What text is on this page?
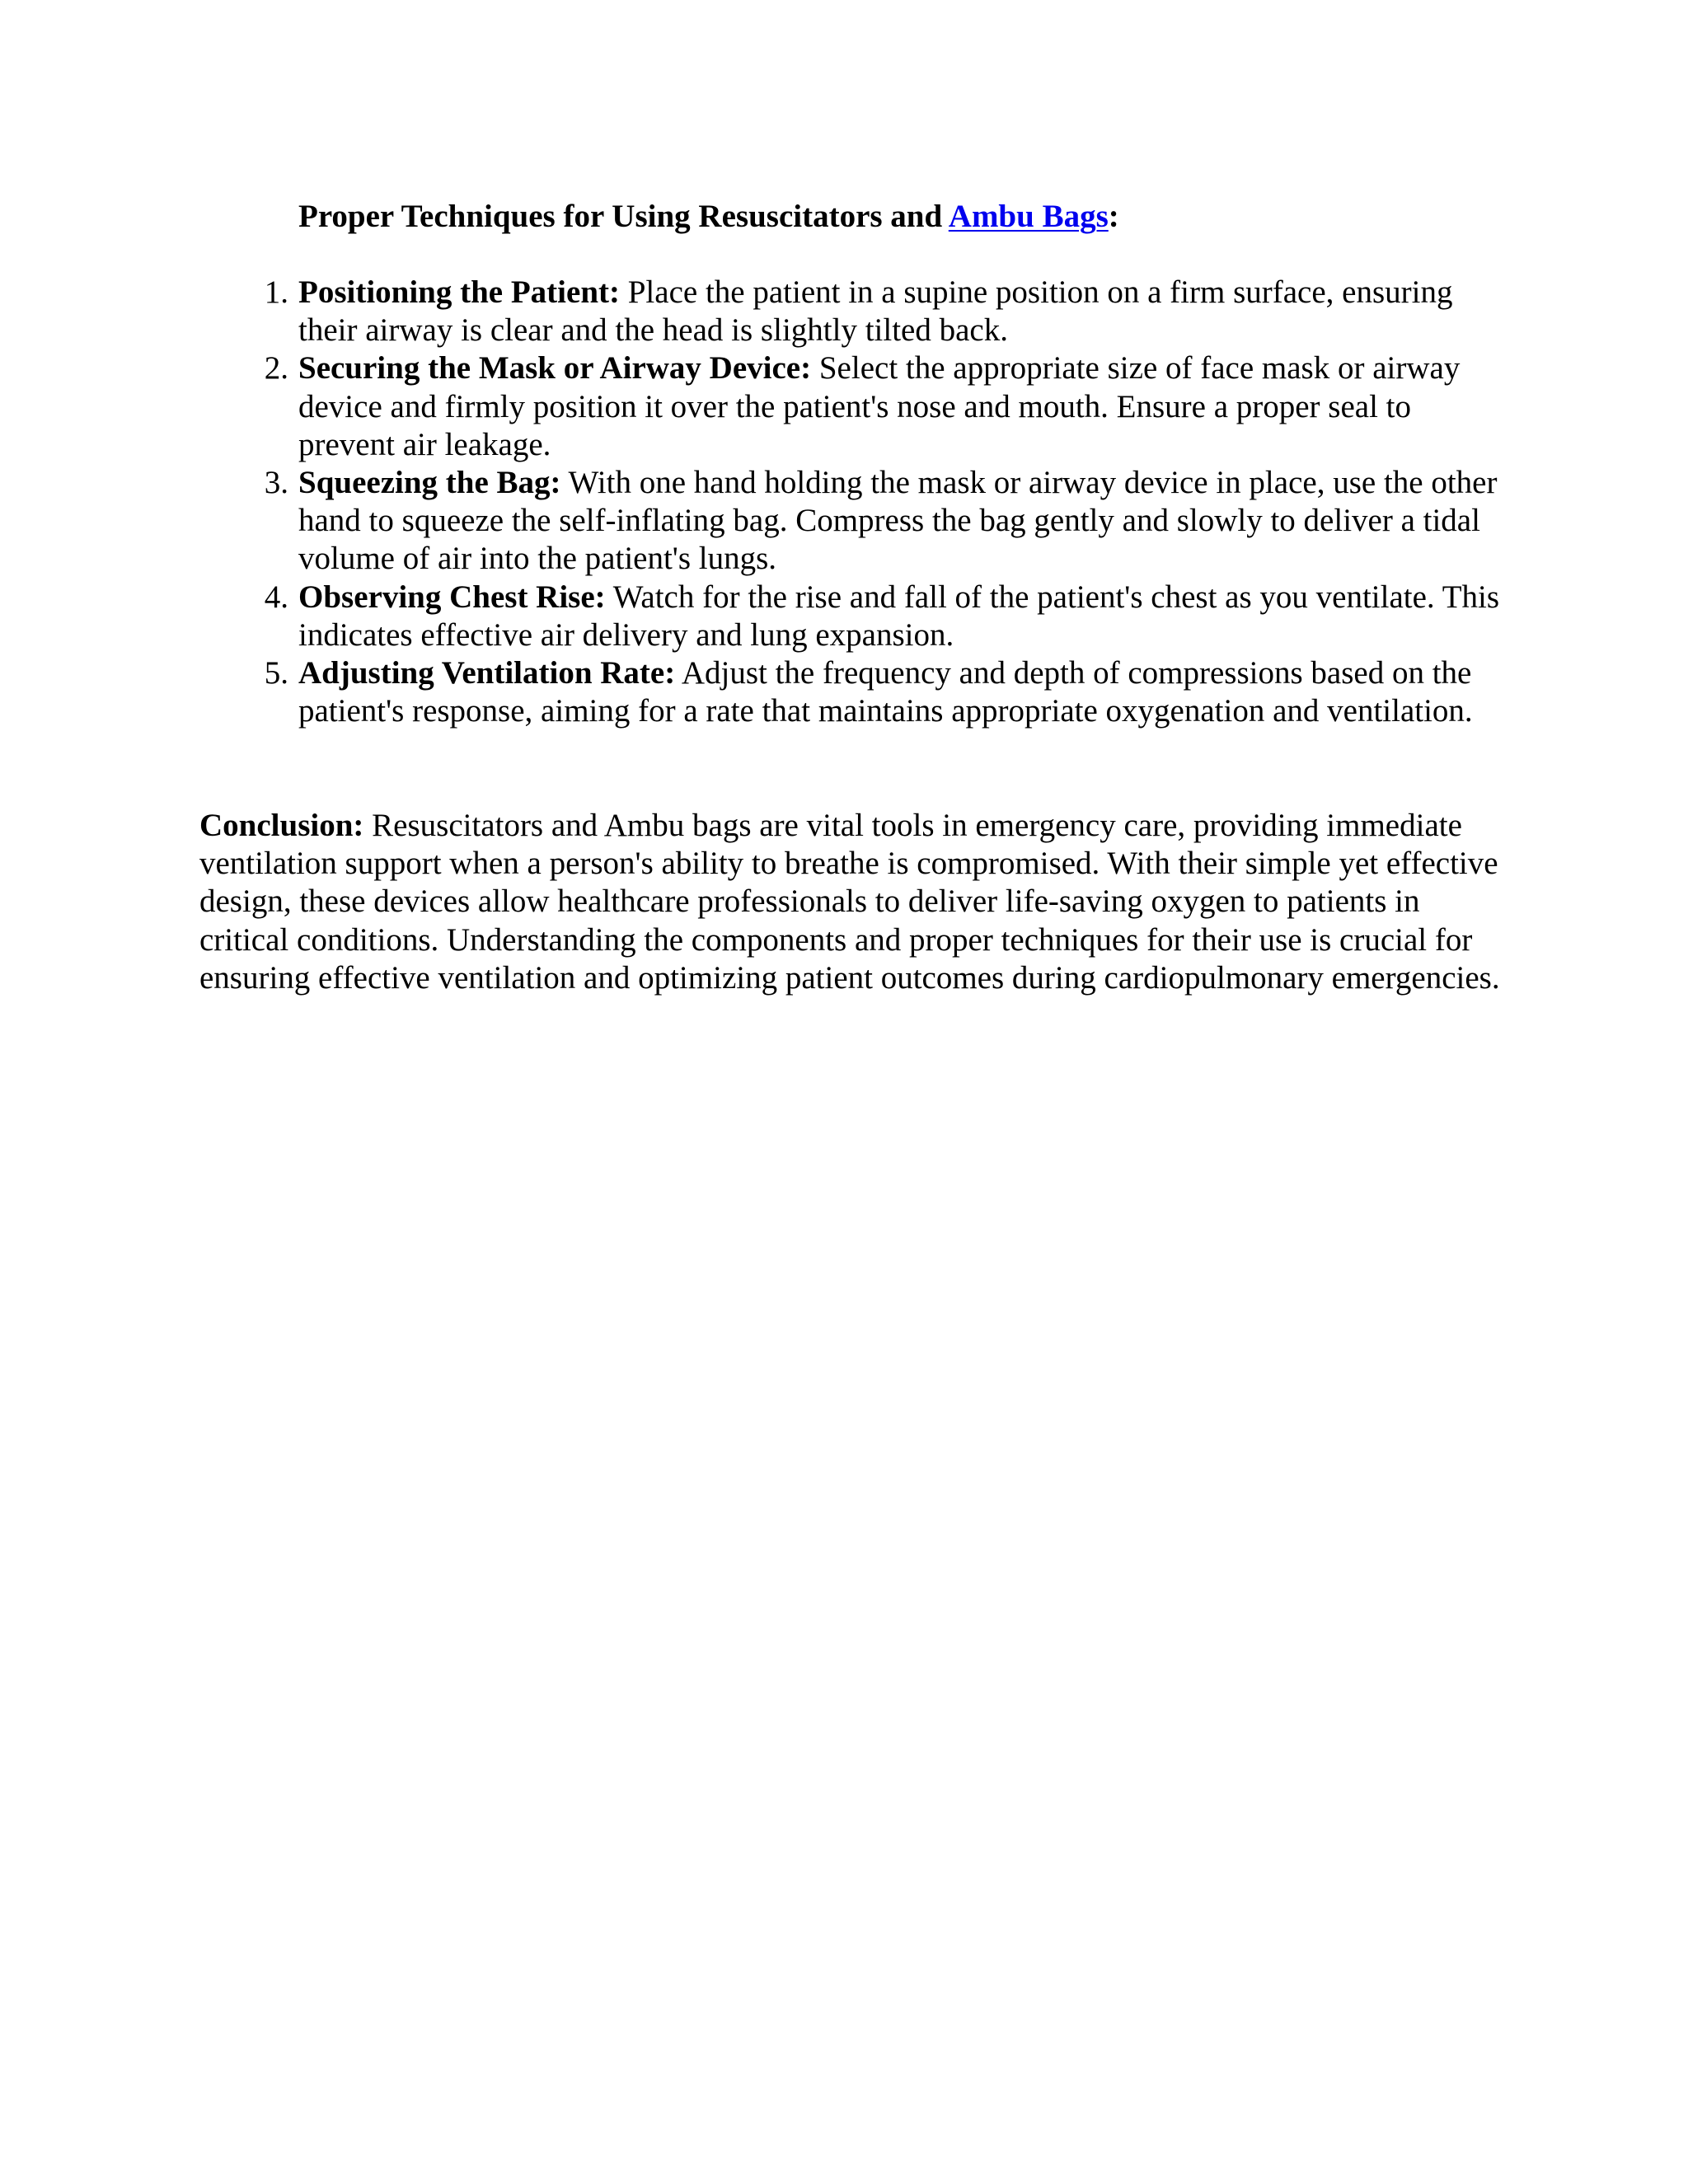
Proper Techniques for Using Resuscitators and Ambu Bags:
1. Positioning the Patient: Place the patient in a supine position on a firm surface, ensuring their airway is clear and the head is slightly tilted back.
2. Securing the Mask or Airway Device: Select the appropriate size of face mask or airway device and firmly position it over the patient's nose and mouth. Ensure a proper seal to prevent air leakage.
3. Squeezing the Bag: With one hand holding the mask or airway device in place, use the other hand to squeeze the self-inflating bag. Compress the bag gently and slowly to deliver a tidal volume of air into the patient's lungs.
4. Observing Chest Rise: Watch for the rise and fall of the patient's chest as you ventilate. This indicates effective air delivery and lung expansion.
5. Adjusting Ventilation Rate: Adjust the frequency and depth of compressions based on the patient's response, aiming for a rate that maintains appropriate oxygenation and ventilation.

Conclusion: Resuscitators and Ambu bags are vital tools in emergency care, providing immediate ventilation support when a person's ability to breathe is compromised. With their simple yet effective design, these devices allow healthcare professionals to deliver life-saving oxygen to patients in critical conditions. Understanding the components and proper techniques for their use is crucial for ensuring effective ventilation and optimizing patient outcomes during cardiopulmonary emergencies.
